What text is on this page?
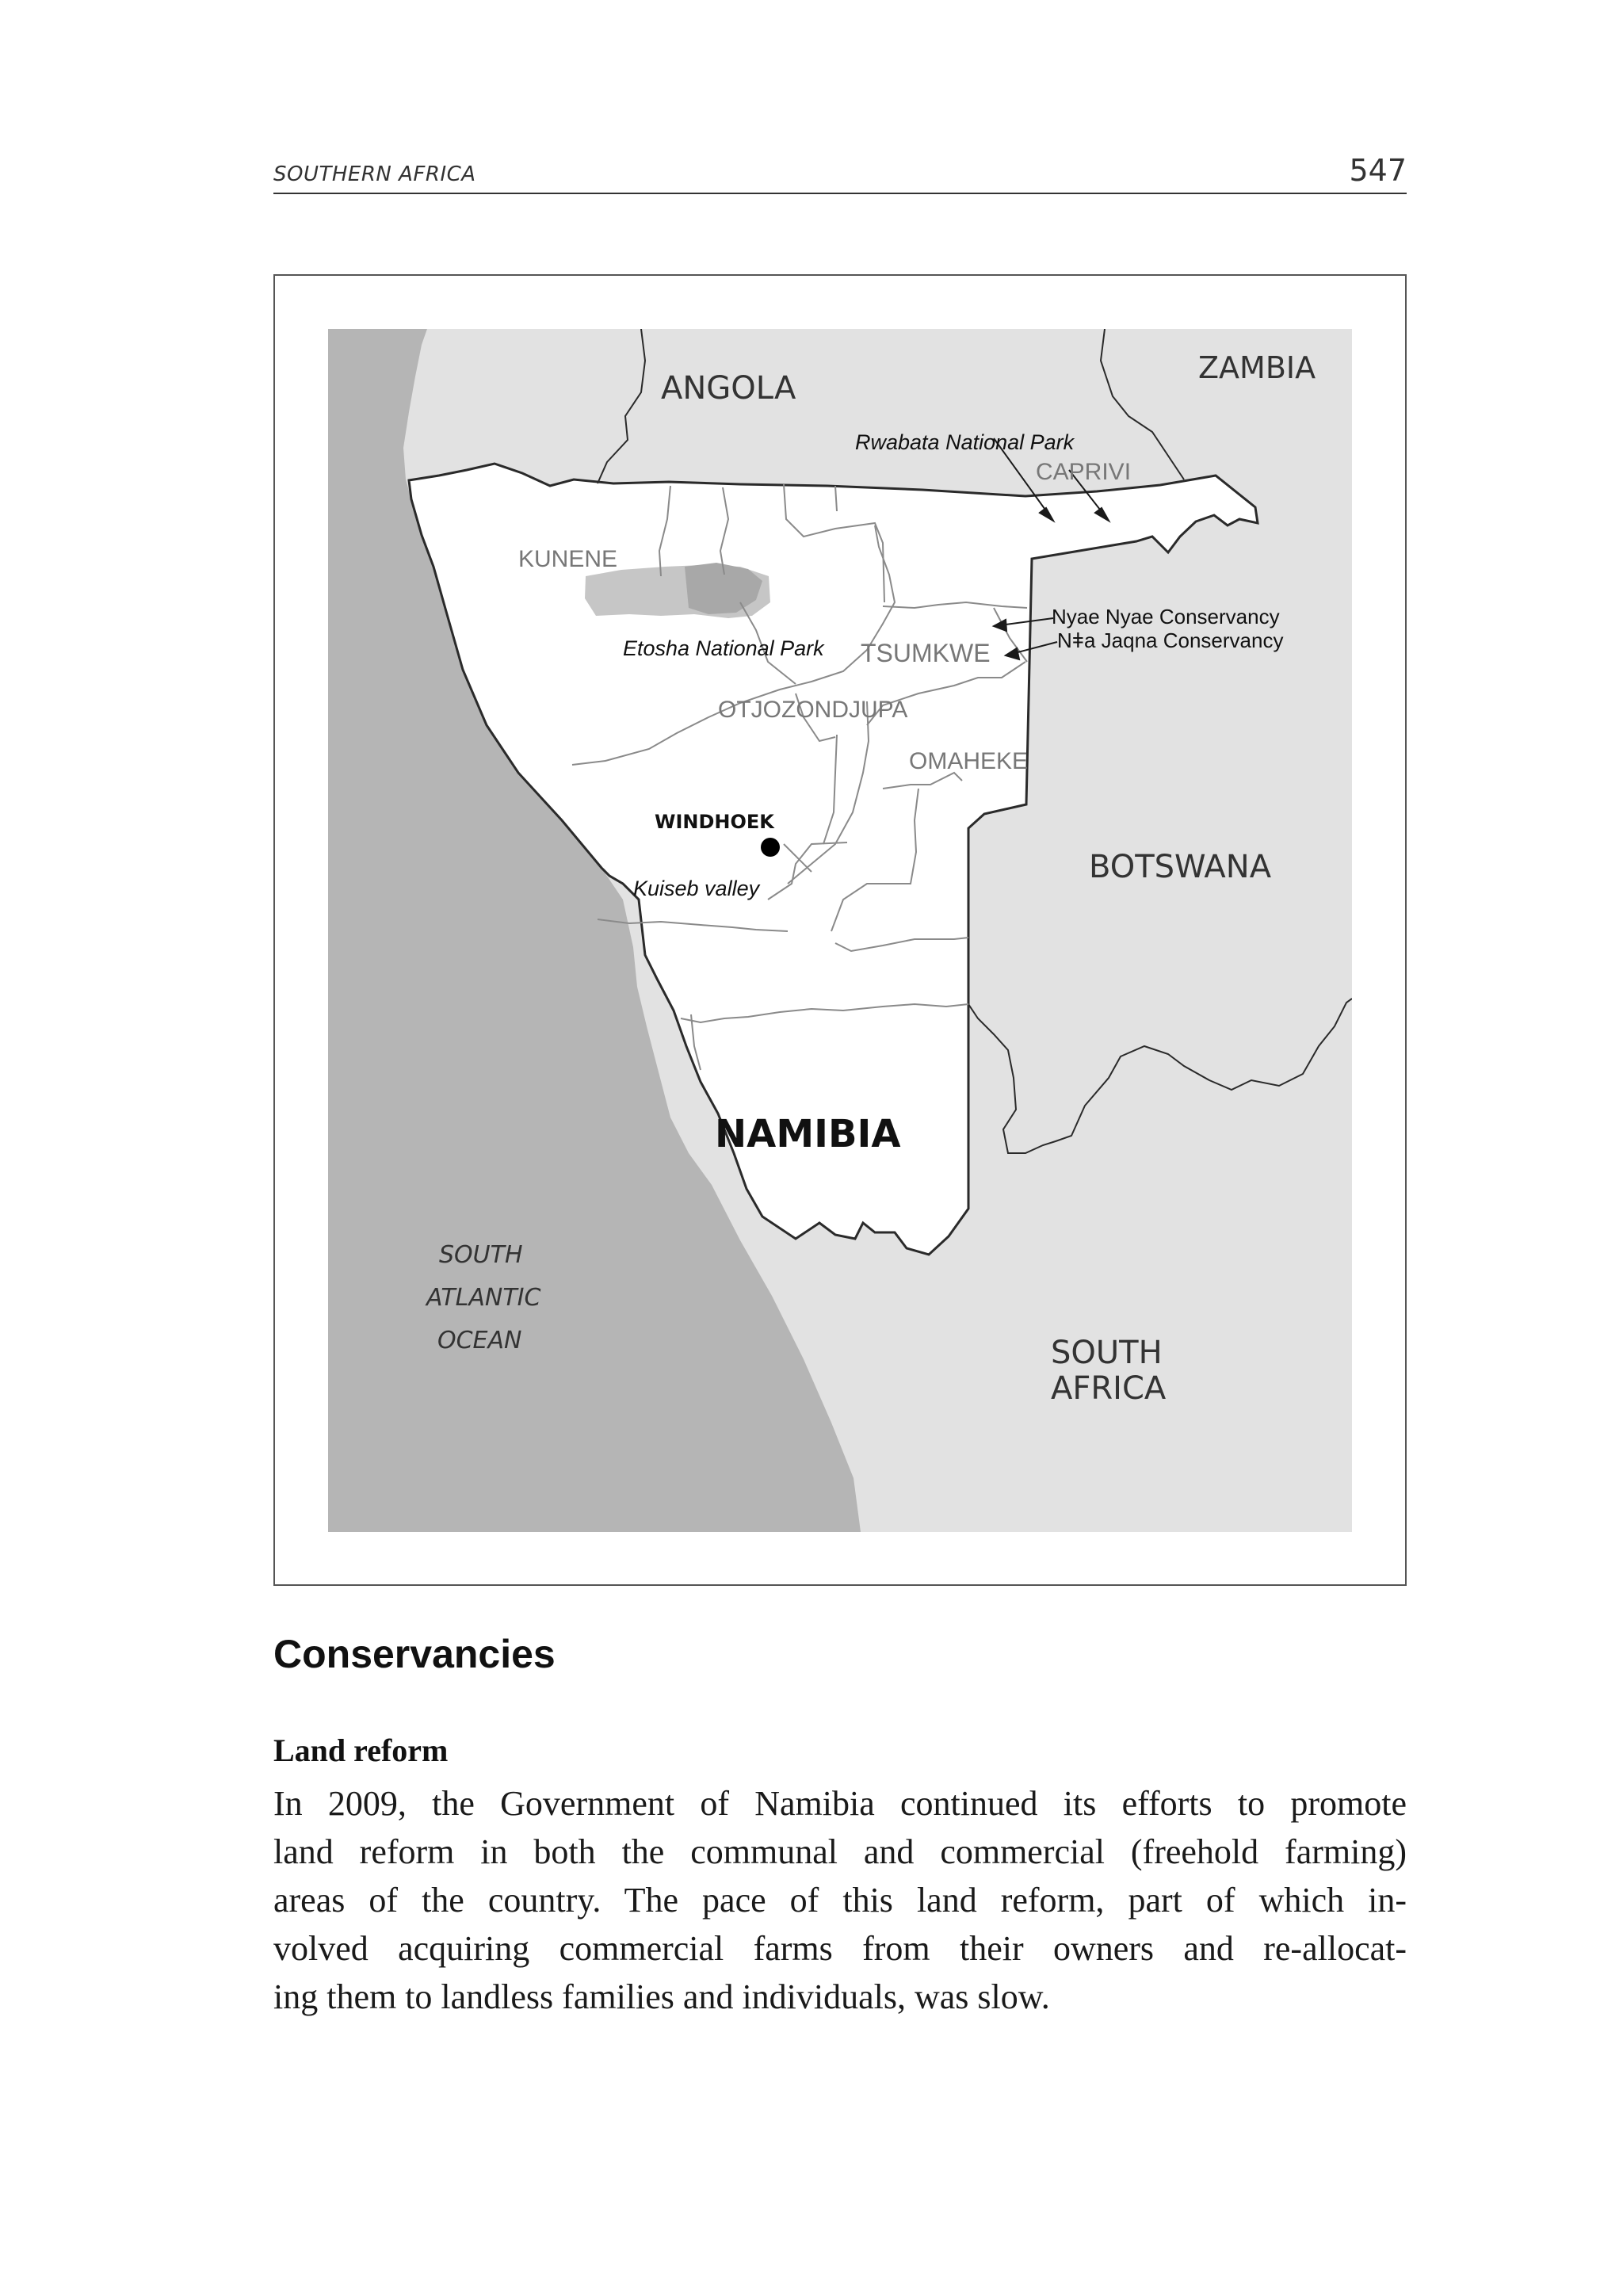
SOUTHERN AFRICA	547
ANGOLA
ZAMBIA
BOTSWANA
NAMIBIA
SOUTH
AFRICA
SOUTH
ATLANTIC
OCEAN
KUNENE
CAPRIVI
TSUMKWE
OTJOZONDJUPA
OMAHEKE
Rwabata National Park
Etosha National Park
Nyae Nyae Conservancy
Nǂa Jaqna Conservancy
WINDHOEK
Kuiseb valley
Conservancies
Land reform

In 2009, the Government of Namibia continued its efforts to promote
land reform in both the communal and commercial (freehold farming)
areas of the country. The pace of this land reform, part of which in-
volved acquiring commercial farms from their owners and re-allocat-
ing them to landless families and individuals, was slow.
